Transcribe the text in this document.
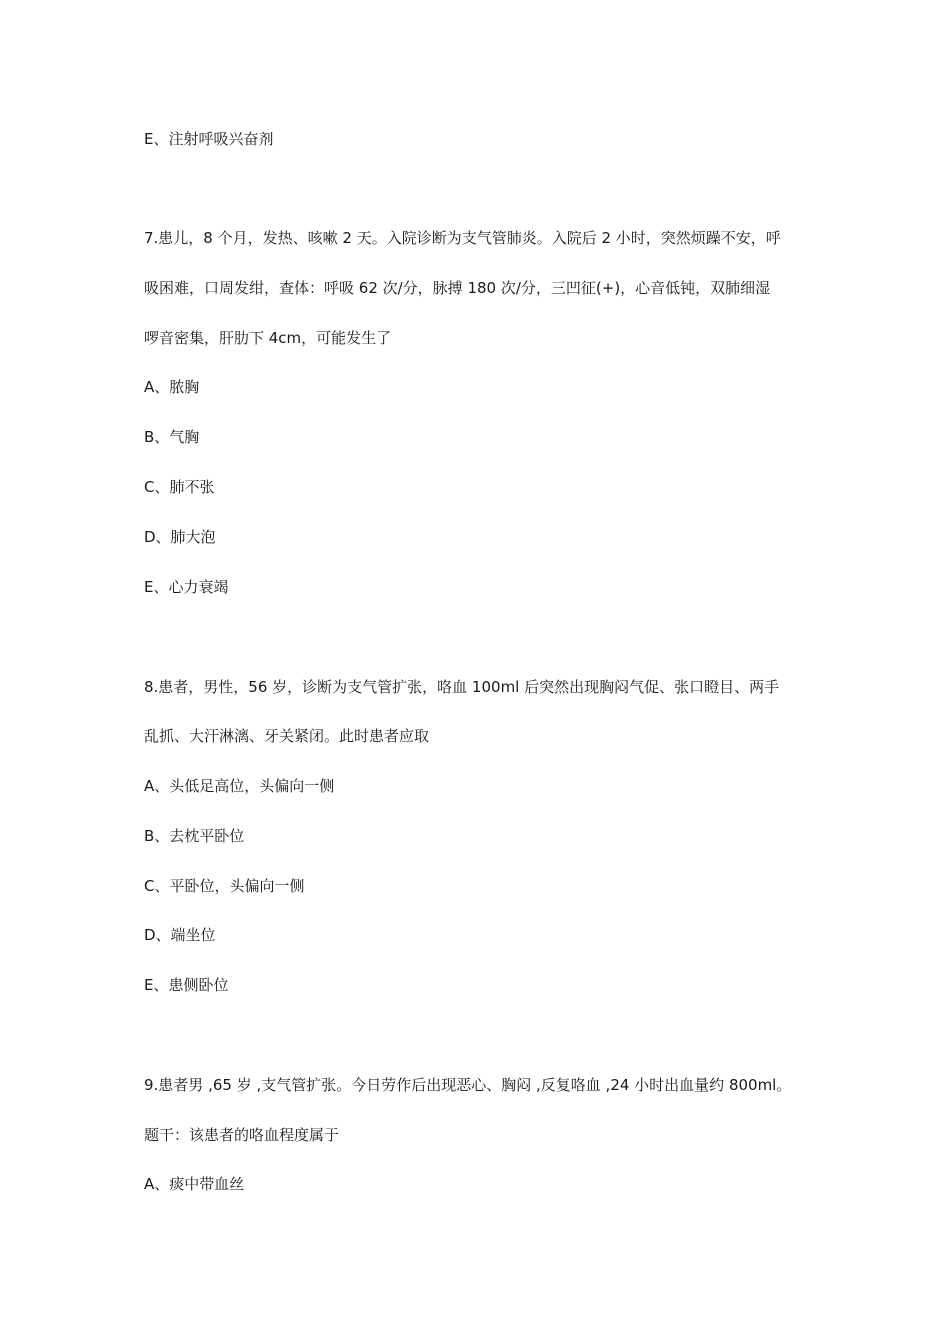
E、注射呼吸兴奋剂
7.患儿，8 个月，发热、咳嗽 2 天。入院诊断为支气管肺炎。入院后 2 小时，突然烦躁不安，呼
吸困难，口周发绀，查体：呼吸 62 次/分，脉搏 180 次/分，三凹征(+)，心音低钝，双肺细湿
啰音密集，肝肋下 4cm，可能发生了
A、脓胸
B、气胸
C、肺不张
D、肺大泡
E、心力衰竭
8.患者，男性，56 岁，诊断为支气管扩张，咯血 100ml 后突然出现胸闷气促、张口瞪目、两手
乱抓、大汗淋漓、牙关紧闭。此时患者应取
A、头低足高位，头偏向一侧
B、去枕平卧位
C、平卧位，头偏向一侧
D、端坐位
E、患侧卧位
9.患者男 ,65 岁 ,支气管扩张。今日劳作后出现恶心、胸闷 ,反复咯血 ,24 小时出血量约 800ml。
题干：该患者的咯血程度属于
A、痰中带血丝
